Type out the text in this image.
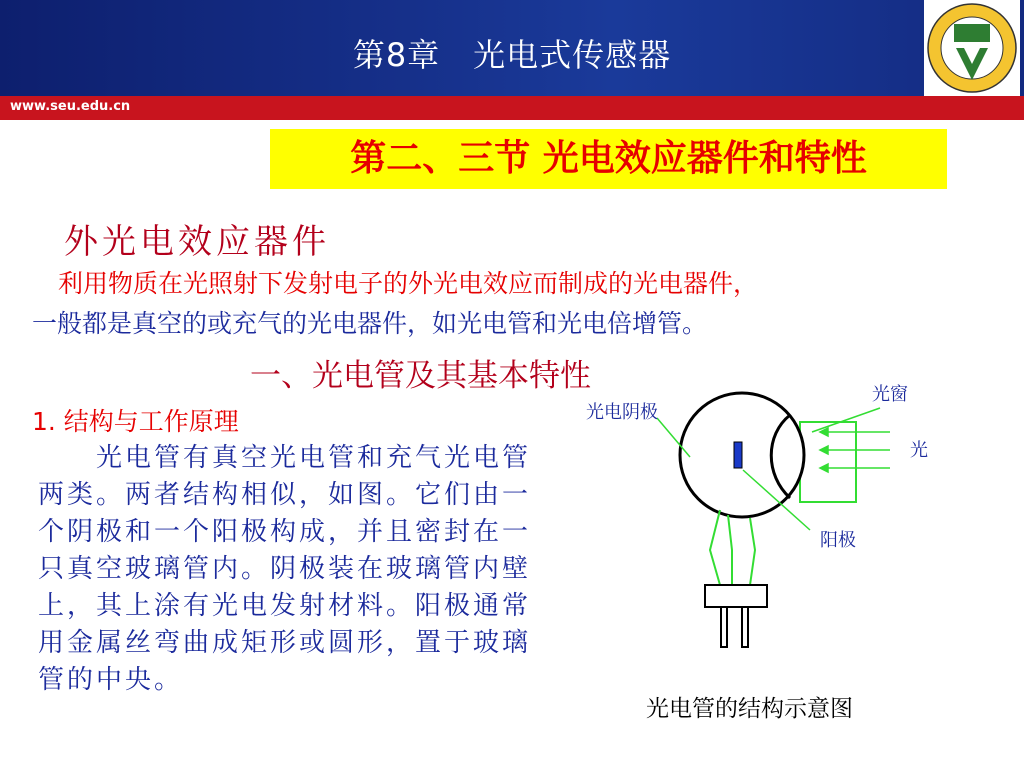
第8章　光电式传感器
www.seu.edu.cn
第二、三节 光电效应器件和特性
外光电效应器件
利用物质在光照射下发射电子的外光电效应而制成的光电器件，
一般都是真空的或充气的光电器件，如光电管和光电倍增管。
一、光电管及其基本特性
1. 结构与工作原理
　　光电管有真空光电管和充气光电管两类。两者结构相似，如图。它们由一个阴极和一个阳极构成，并且密封在一只真空玻璃管内。阴极装在玻璃管内壁上，其上涂有光电发射材料。阳极通常用金属丝弯曲成矩形或圆形，置于玻璃管的中央。
光电阴极
光窗
光
阳极
光电管的结构示意图
